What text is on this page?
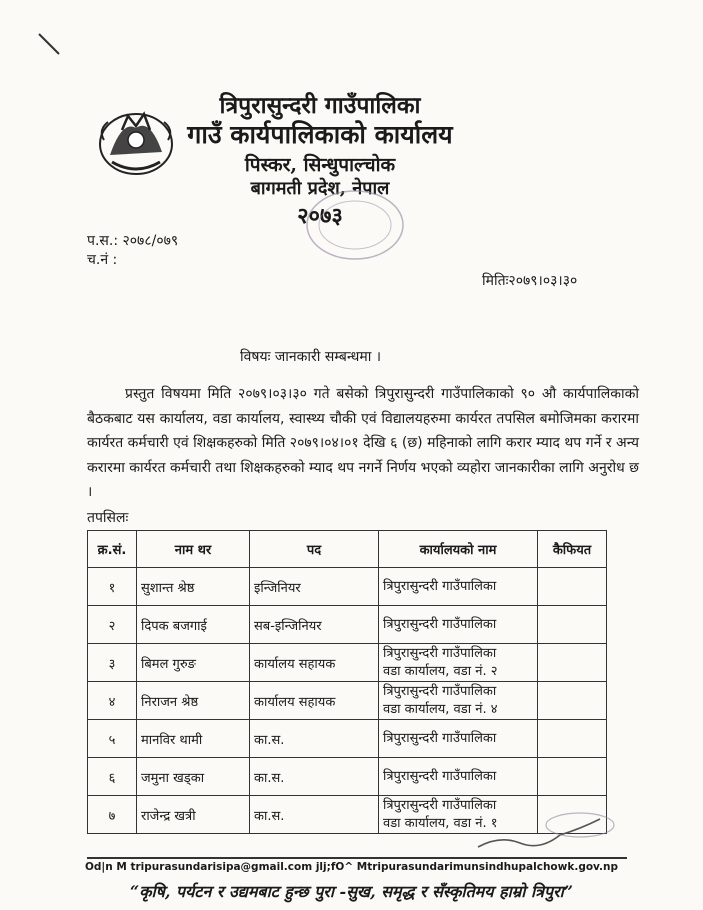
त्रिपुरासुन्दरी गाउँपालिका
गाउँ कार्यपालिकाको कार्यालय
पिस्कर, सिन्धुपाल्चोक
बागमती प्रदेश, नेपाल
२०७३
प.स.: २०७८/०७९
च.नं :
मितिः२०७९।०३।३०
विषयः जानकारी सम्बन्धमा ।
प्रस्तुत विषयमा मिति २०७९।०३।३० गते बसेको त्रिपुरासुन्दरी गाउँपालिकाको ९० औ कार्यपालिकाको बैठकबाट यस कार्यालय, वडा कार्यालय, स्वास्थ्य चौकी एवं विद्यालयहरुमा कार्यरत तपसिल बमोजिमका करारमा कार्यरत कर्मचारी एवं शिक्षकहरुको मिति २०७९।०४।०१ देखि ६ (छ) महिनाको लागि करार म्याद थप गर्ने र अन्य करारमा कार्यरत कर्मचारी तथा शिक्षकहरुको म्याद थप नगर्ने निर्णय भएको व्यहोरा जानकारीका लागि अनुरोध छ ।
तपसिलः
क्र.सं.	नाम थर	पद	कार्यालयको नाम	कैफियत
१	सुशान्त श्रेष्ठ	इन्जिनियर	त्रिपुरासुन्दरी गाउँपालिका	

२	दिपक बजगाई	सब-इन्जिनियर	त्रिपुरासुन्दरी गाउँपालिका	

३	बिमल गुरुङ	कार्यालय सहायक	त्रिपुरासुन्दरी गाउँपालिका
वडा कार्यालय, वडा नं. २	

४	निराजन श्रेष्ठ	कार्यालय सहायक	त्रिपुरासुन्दरी गाउँपालिका
वडा कार्यालय, वडा नं. ४	

५	मानविर थामी	का.स.	त्रिपुरासुन्दरी गाउँपालिका	

६	जमुना खड्का	का.स.	त्रिपुरासुन्दरी गाउँपालिका	

७	राजेन्द्र खत्री	का.स.	त्रिपुरासुन्दरी गाउँपालिका
वडा कार्यालय, वडा नं. १	

Od|n M tripurasundarisipa@gmail.com jlj;fO^ Mtripurasundarimunsindhupalchowk.gov.np
“कृषि, पर्यटन र उद्यमबाट हुन्छ पुरा -सुख, समृद्ध र सँस्कृतिमय हाम्रो त्रिपुरा”
